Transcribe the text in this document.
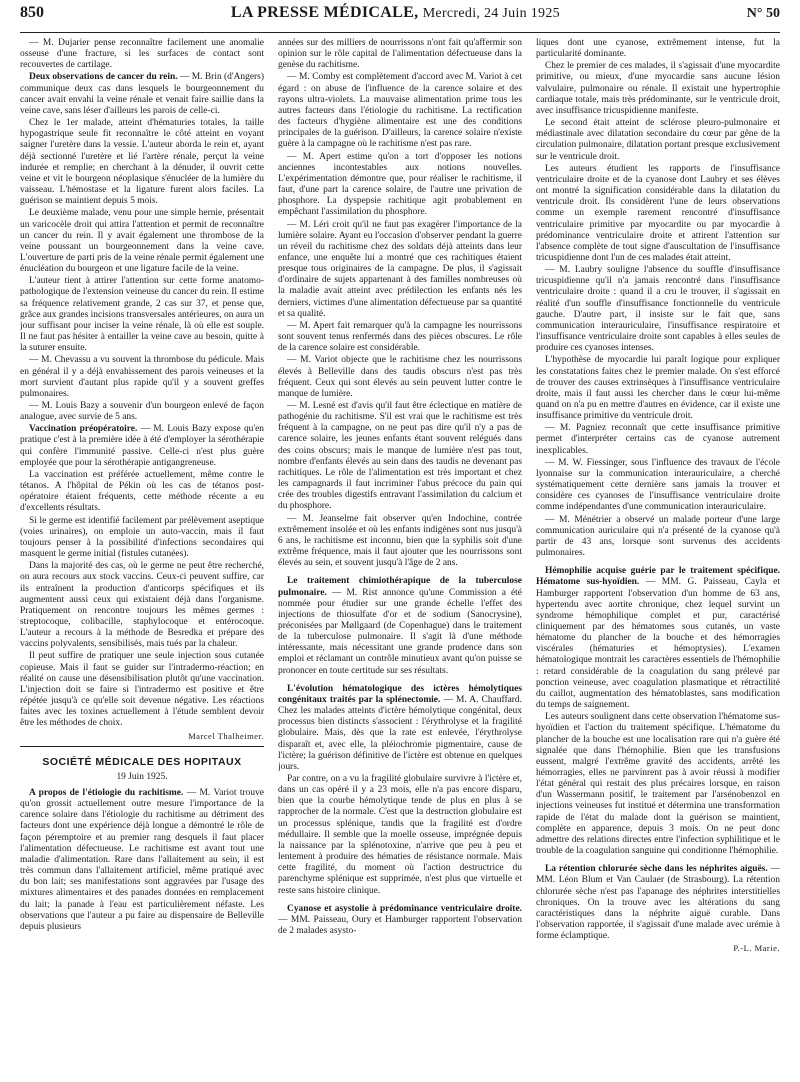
850	LA PRESSE MÉDICALE, Mercredi, 24 Juin 1925	N° 50

— M. Dujarier pense reconnaître facilement une anomalie osseuse d'une fracture, si les surfaces de contact sont recouvertes de cartilage.

Deux observations de cancer du rein. — M. Brin (d'Angers) communique deux cas dans lesquels le bourgeonnement du cancer avait envahi la veine rénale et venait faire saillie dans la veine cave, sans léser d'ailleurs les parois de celle-ci.

Chez le 1er malade, atteint d'hématuries totales, la taille hypogastrique seule fit reconnaître le côté atteint en voyant saigner l'uretère dans la vessie. L'auteur aborda le rein et, ayant déjà sectionné l'uretère et lié l'artère rénale, perçut la veine indurée et remplie; en cherchant à la dénuder, il ouvrit cette veine et vit le bourgeon néoplasique s'énucléer de la lumière du vaisseau. L'hémostase et la ligature furent alors faciles. La guérison se maintient depuis 5 mois.

Le deuxième malade, venu pour une simple hernie, présentait un varicocèle droit qui attira l'attention et permit de reconnaître un cancer du rein. Il y avait également une thrombose de la veine poussant un bourgeonnement dans la veine cave. L'ouverture de parti pris de la veine rénale permit également une énucléation du bourgeon et une ligature facile de la veine.

L'auteur tient à attirer l'attention sur cette forme anatomo-pathologique de l'extension veineuse du cancer du rein. Il estime sa fréquence relativement grande, 2 cas sur 37, et pense que, grâce aux grandes incisions transversales antérieures, on aura un jour suffisant pour inciser la veine rénale, là où elle est souple. Il ne faut pas hésiter à entailler la veine cave au besoin, quitte à la suturer ensuite.

— M. Chevassu a vu souvent la thrombose du pédicule. Mais en général il y a déjà envahissement des parois veineuses et la mort survient d'autant plus rapide qu'il y a souvent greffes pulmonaires.

— M. Louis Bazy a souvenir d'un bourgeon enlevé de façon analogue, avec survie de 5 ans.

Vaccination préopératoire. — M. Louis Bazy expose qu'en pratique c'est à la première idée à été d'employer la sérothérapie qui confère l'immunité passive. Celle-ci n'est plus guère employée que pour la sérothérapie antigangreneuse.

La vaccination est préférée actuellement, même contre le tétanos. A l'hôpital de Pékin où les cas de tétanos post-opératoire étaient fréquents, cette méthode récente a eu d'excellents résultats.

Si le germe est identifié facilement par prélèvement aseptique (voies urinaires), on emploie un auto-vaccin, mais il faut toujours penser à la possibilité d'infections secondaires qui masquent le germe initial (fistules cutanées).

Dans la majorité des cas, où le germe ne peut être recherché, on aura recours aux stock vaccins. Ceux-ci peuvent suffire, car ils entraînent la production d'anticorps spécifiques et ils augmentent aussi ceux qui existaient déjà dans l'organisme. Pratiquement on rencontre toujours les mêmes germes : streptocoque, colibacille, staphylocoque et entérocoque. L'auteur a recours à la méthode de Besredka et prépare des vaccins polyvalents, sensibilisés, mais tués par la chaleur.

Il peut suffire de pratiquer une seule injection sous cutanée copieuse. Mais il faut se guider sur l'intradermo-réaction; en réalité on cause une désensibilisation plutôt qu'une vaccination. L'injection doit se faire si l'intradermo est positive et être répétée jusqu'à ce qu'elle soit devenue négative. Les réactions faites avec les toxines actuellement à l'étude semblent devoir être les méthodes de choix.

Marcel Thalheimer.

SOCIÉTÉ MÉDICALE DES HOPITAUX

19 Juin 1925.

A propos de l'étiologie du rachitisme. — M. Variot trouve qu'on grossit actuellement outre mesure l'importance de la carence solaire dans l'étiologie du rachitisme au détriment des facteurs dont une expérience déjà longue a démontré le rôle de façon péremptoire et au premier rang desquels il faut placer l'alimentation défectueuse. Le rachitisme est avant tout une maladie d'alimentation. Rare dans l'allaitement au sein, il est très commun dans l'allaitement artificiel, même pratiqué avec du bon lait; ses manifestations sont aggravées par l'usage des mixtures alimentaires et des panades données en remplacement du lait; la panade à l'eau est particulièrement néfaste. Les observations que l'auteur a pu faire au dispensaire de Belleville depuis plusieurs

années sur des milliers de nourrissons n'ont fait qu'affermir son opinion sur le rôle capital de l'alimentation défectueuse dans la genèse du rachitisme.

— M. Comby est complètement d'accord avec M. Variot à cet égard : on abuse de l'influence de la carence solaire et des rayons ultra-violets. La mauvaise alimentation prime tous les autres facteurs dans l'étiologie du rachitisme. La rectification des facteurs d'hygiène alimentaire est une des conditions principales de la guérison. D'ailleurs, la carence solaire n'existe guère à la campagne où le rachitisme n'est pas rare.

— M. Apert estime qu'on a tort d'opposer les notions anciennes incontestables aux notions nouvelles. L'expérimentation démontre que, pour réaliser le rachitisme, il faut, d'une part la carence solaire, de l'autre une privation de phosphore. La dyspepsie rachitique agit probablement en empêchant l'assimilation du phosphore.

— M. Léri croit qu'il ne faut pas exagérer l'importance de la lumière solaire. Ayant eu l'occasion d'observer pendant la guerre un réveil du rachitisme chez des soldats déjà atteints dans leur enfance, une enquête lui a montré que ces rachitiques étaient presque tous originaires de la campagne. De plus, il s'agissait d'ordinaire de sujets appartenant à des familles nombreuses où la maladie avait atteint avec prédilection les enfants nés les derniers, victimes d'une alimentation défectueuse par sa quantité et sa qualité.

— M. Apert fait remarquer qu'à la campagne les nourrissons sont souvent tenus renfermés dans des pièces obscures. Le rôle de la carence solaire est considérable.

— M. Variot objecte que le rachitisme chez les nourrissons élevés à Belleville dans des taudis obscurs n'est pas très fréquent. Ceux qui sont élevés au sein peuvent lutter contre le manque de lumière.

— M. Lesné est d'avis qu'il faut être éclectique en matière de pathogénie du rachitisme. S'il est vrai que le rachitisme est très fréquent à la campagne, on ne peut pas dire qu'il n'y a pas de carence solaire, les jeunes enfants étant souvent relégués dans des coins obscurs; mais le manque de lumière n'est pas tout, nombre d'enfants élevés au sein dans des taudis ne devenant pas rachitiques. Le rôle de l'alimentation est très important et chez les campagnards il faut incriminer l'abus précoce du pain qui crée des troubles digestifs entravant l'assimilation du calcium et du phosphore.

— M. Jeanselme fait observer qu'en Indochine, contrée extrêmement insolée et où les enfants indigènes sont nus jusqu'à 6 ans, le rachitisme est inconnu, bien que la syphilis soit d'une extrême fréquence, mais il faut ajouter que les nourrissons sont élevés au sein, et souvent jusqu'à l'âge de 2 ans.

Le traitement chimiothérapique de la tuberculose pulmonaire. — M. Rist annonce qu'une Commission a été nommée pour étudier sur une grande échelle l'effet des injections de thiosulfate d'or et de sodium (Sanocrysine), préconisées par Møllgaard (de Copenhague) dans le traitement de la tuberculose pulmonaire. Il s'agit là d'une méthode intéressante, mais nécessitant une grande prudence dans son emploi et réclamant un contrôle minutieux avant qu'on puisse se prononcer en toute certitude sur ses résultats.

L'évolution hématologique des ictères hémolytiques congénitaux traités par la splénectomie. — M. A. Chauffard. Chez les malades atteints d'ictère hémolytique congénital, deux processus bien distincts s'associent : l'érythrolyse et la fragilité globulaire. Mais, dès que la rate est enlevée, l'érythrolyse disparaît et, avec elle, la pléiochromie pigmentaire, cause de l'ictère; la guérison définitive de l'ictère est obtenue en quelques jours.

Par contre, on a vu la fragilité globulaire survivre à l'ictère et, dans un cas opéré il y a 23 mois, elle n'a pas encore disparu, bien que la courbe hémolytique tende de plus en plus à se rapprocher de la normale. C'est que la destruction globulaire est un processus splénique, tandis que la fragilité est d'ordre médullaire. Il semble que la moelle osseuse, imprégnée depuis la naissance par la splénotoxine, n'arrive que peu à peu et lentement à produire des hématies de résistance normale. Mais cette fragilité, du moment où l'action destructrice du parenchyme splénique est supprimée, n'est plus que virtuelle et reste sans histoire clinique.

Cyanose et asystolie à prédominance ventriculaire droite. — MM. Paisseau, Oury et Hamburger rapportent l'observation de 2 malades asysto-

liques dont une cyanose, extrêmement intense, fut la particularité dominante.

Chez le premier de ces malades, il s'agissait d'une myocardite primitive, ou mieux, d'une myocardie sans aucune lésion valvulaire, pulmonaire ou rénale. Il existait une hypertrophie cardiaque totale, mais très prédominante, sur le ventricule droit, avec insuffisance tricuspidienne manifeste.

Le second était atteint de sclérose pleuro-pulmonaire et médiastinale avec dilatation secondaire du cœur par gêne de la circulation pulmonaire, dilatation portant presque exclusivement sur le ventricule droit.

Les auteurs étudient les rapports de l'insuffisance ventriculaire droite et de la cyanose dont Laubry et ses élèves ont montré la signification considérable dans la dilatation du ventricule droit. Ils considèrent l'une de leurs observations comme un exemple rarement rencontré d'insuffisance ventriculaire primitive par myocardite ou par myocardie à prédominance ventriculaire droite et attirent l'attention sur l'absence complète de tout signe d'auscultation de l'insuffisance tricuspidienne dont l'un de ces malades était atteint.

— M. Laubry souligne l'absence du souffle d'insuffisance tricuspidienne qu'il n'a jamais rencontré dans l'insuffisance ventriculaire droite : quand il a cru le trouver, il s'agissait en réalité d'un souffle d'insuffisance fonctionnelle du ventricule gauche. D'autre part, il insiste sur le fait que, sans communication interauriculaire, l'insuffisance respiratoire et l'insuffisance ventriculaire droite sont capables à elles seules de produire ces cyanoses intenses.

L'hypothèse de myocardie lui paraît logique pour expliquer les constatations faites chez le premier malade. On s'est efforcé de trouver des causes extrinsèques à l'insuffisance ventriculaire droite, mais il faut aussi les chercher dans le cœur lui-même quand on n'a pu en mettre d'autres en évidence, car il existe une insuffisance primitive du ventricule droit.

— M. Pagniez reconnaît que cette insuffisance primitive permet d'interpréter certains cas de cyanose autrement inexplicables.

— M. W. Fiessinger, sous l'influence des travaux de l'école lyonnaise sur la communication interauriculaire, a cherché systématiquement cette dernière sans jamais la trouver et considère ces cyanoses de l'insuffisance ventriculaire droite comme indépendantes d'une communication interauriculaire.

— M. Ménétrier a observé un malade porteur d'une large communication auriculaire qui n'a présenté de la cyanose qu'à partir de 43 ans, lorsque sont survenus des accidents pulmonaires.

Hémophilie acquise guérie par le traitement spécifique. Hématome sus-hyoïdien. — MM. G. Paisseau, Cayla et Hamburger rapportent l'observation d'un homme de 63 ans, hypertendu avec aortite chronique, chez lequel survint un syndrome hémophilique complet et pur, caractérisé cliniquement par des hématomes sous cutanés, un vaste hématome du plancher de la bouche et des hémorragies viscérales (hématuries et hémoptysies). L'examen hématologique montrait les caractères essentiels de l'hémophilie : retard considérable de la coagulation du sang prélevé par ponction veineuse, avec coagulation plasmatique et rétractilité du caillot, augmentation des hématoblastes, sans modification du temps de saignement.

Les auteurs soulignent dans cette observation l'hématome sus-hyoïdien et l'action du traitement spécifique. L'hématome du plancher de la bouche est une localisation rare qui n'a guère été signalée que dans l'hémophilie. Bien que les transfusions eussent, malgré l'extrême gravité des accidents, arrêté les hémorragies, elles ne parvinrent pas à avoir réussi à modifier l'état général qui restait des plus précaires lorsque, en raison d'un Wassermann positif, le traitement par l'arsénobenzol en injections veineuses fut institué et détermina une transformation rapide de l'état du malade dont la guérison se maintient, complète en apparence, depuis 3 mois. On ne peut donc admettre des relations directes entre l'infection syphilitique et le trouble de la coagulation sanguine qui conditionne l'hémophilie.

La rétention chlorurée sèche dans les néphrites aiguës. — MM. Léon Blum et Van Caulaer (de Strasbourg). La rétention chlorurée sèche n'est pas l'apanage des néphrites interstitielles chroniques. On la trouve avec les altérations du sang caractéristiques dans la néphrite aiguë curable. Dans l'observation rapportée, il s'agissait d'une malade avec urémie à forme éclamptique.

P.-L. Marie.
